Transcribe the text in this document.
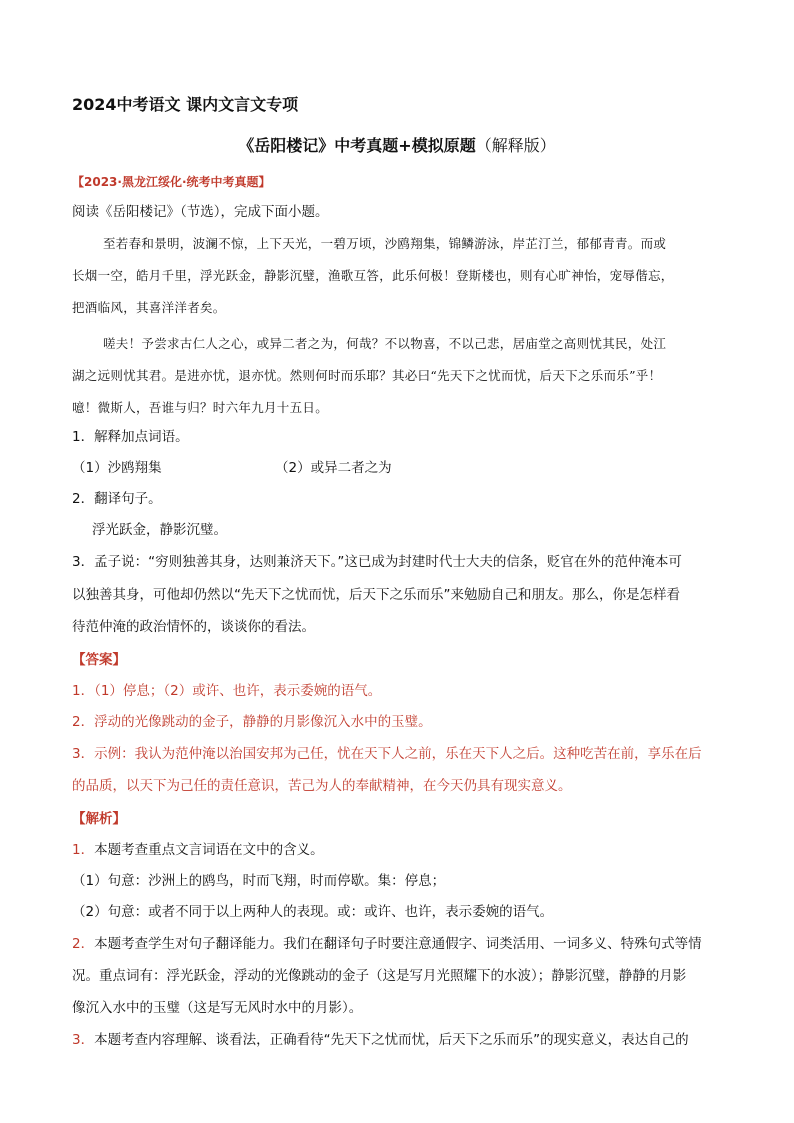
2024中考语文 课内文言文专项
《岳阳楼记》中考真题+模拟原题（解释版）
【2023·黑龙江绥化·统考中考真题】
阅读《岳阳楼记》（节选），完成下面小题。
至若春和景明，波澜不惊，上下天光，一碧万顷，沙鸥翔集，锦鳞游泳，岸芷汀兰，郁郁青青。而或
长烟一空，皓月千里，浮光跃金，静影沉璧，渔歌互答，此乐何极！登斯楼也，则有心旷神怡，宠辱偕忘，
把酒临风，其喜洋洋者矣。
嗟夫！予尝求古仁人之心，或异二者之为，何哉？不以物喜，不以己悲，居庙堂之高则忧其民，处江
湖之远则忧其君。是进亦忧，退亦忧。然则何时而乐耶？其必曰“先天下之忧而忧，后天下之乐而乐”乎！
噫！微斯人，吾谁与归？时六年九月十五日。
1．解释加点词语。
（1）沙鸥翔集	（2）或异二者之为
2．翻译句子。
浮光跃金，静影沉璧。
3．孟子说：“穷则独善其身，达则兼济天下。”这已成为封建时代士大夫的信条，贬官在外的范仲淹本可
以独善其身，可他却仍然以“先天下之忧而忧，后天下之乐而乐”来勉励自己和朋友。那么，你是怎样看
待范仲淹的政治情怀的，谈谈你的看法。
【答案】
1．（1）停息；（2）或许、也许，表示委婉的语气。
2．浮动的光像跳动的金子，静静的月影像沉入水中的玉璧。
3．示例：我认为范仲淹以治国安邦为己任，忧在天下人之前，乐在天下人之后。这种吃苦在前，享乐在后
的品质，以天下为己任的责任意识，苦己为人的奉献精神，在今天仍具有现实意义。
【解析】
1．本题考查重点文言词语在文中的含义。
（1）句意：沙洲上的鸥鸟，时而飞翔，时而停歇。集：停息；
（2）句意：或者不同于以上两种人的表现。或：或许、也许，表示委婉的语气。
2．本题考查学生对句子翻译能力。我们在翻译句子时要注意通假字、词类活用、一词多义、特殊句式等情
况。重点词有：浮光跃金，浮动的光像跳动的金子（这是写月光照耀下的水波）；静影沉璧，静静的月影
像沉入水中的玉璧（这是写无风时水中的月影）。
3．本题考查内容理解、谈看法，正确看待“先天下之忧而忧，后天下之乐而乐”的现实意义，表达自己的
